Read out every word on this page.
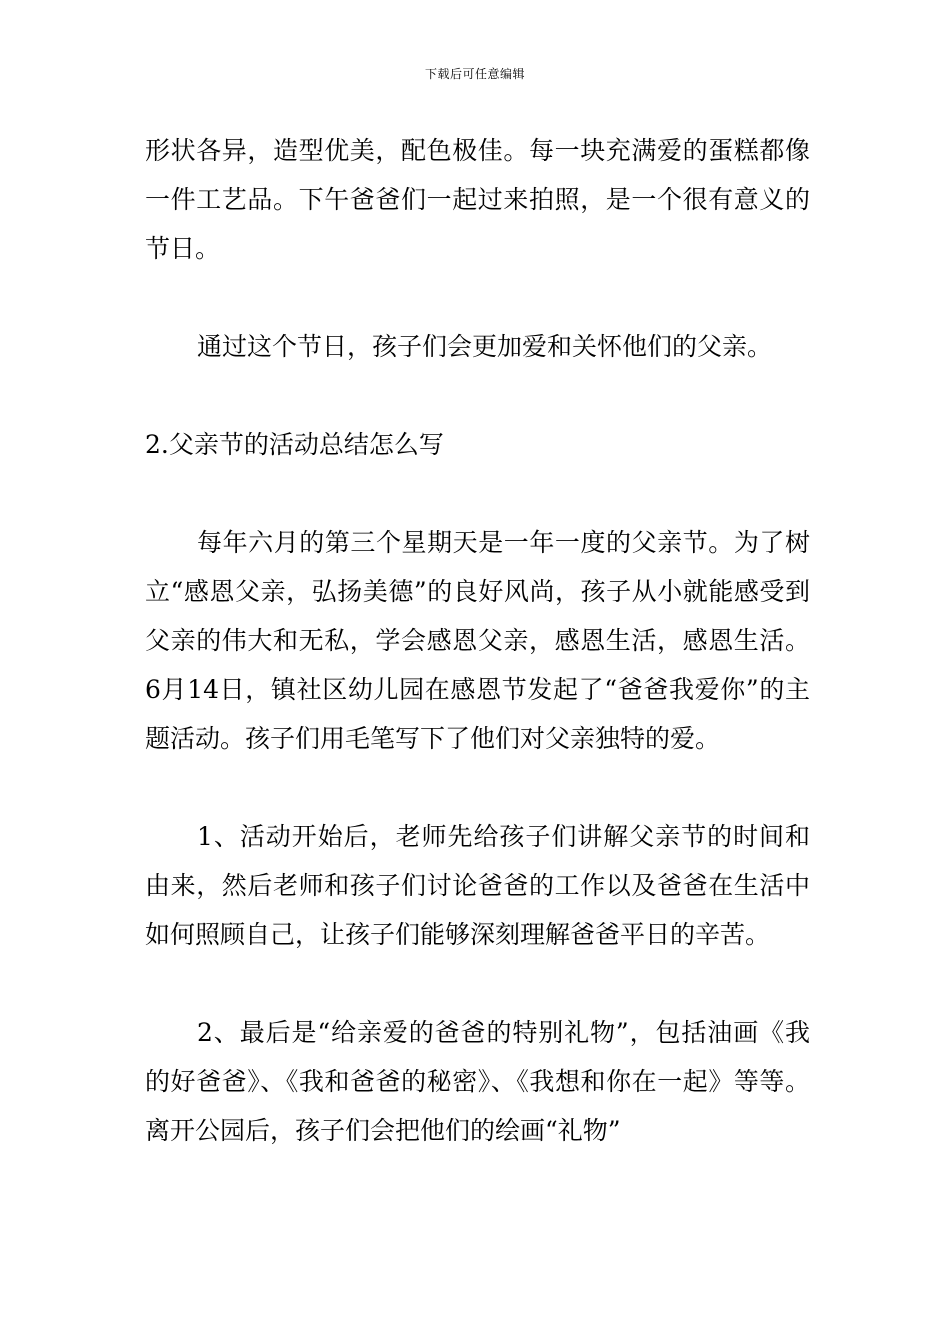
下载后可任意编辑

形状各异，造型优美，配色极佳。每一块充满爱的蛋糕都像一件工艺品。下午爸爸们一起过来拍照，是一个很有意义的节日。

通过这个节日，孩子们会更加爱和关怀他们的父亲。

2.父亲节的活动总结怎么写

每年六月的第三个星期天是一年一度的父亲节。为了树立“感恩父亲，弘扬美德”的良好风尚，孩子从小就能感受到父亲的伟大和无私，学会感恩父亲，感恩生活，感恩生活。6月14日，镇社区幼儿园在感恩节发起了“爸爸我爱你”的主题活动。孩子们用毛笔写下了他们对父亲独特的爱。

1、活动开始后，老师先给孩子们讲解父亲节的时间和由来，然后老师和孩子们讨论爸爸的工作以及爸爸在生活中如何照顾自己，让孩子们能够深刻理解爸爸平日的辛苦。

2、最后是“给亲爱的爸爸的特别礼物”，包括油画《我的好爸爸》、《我和爸爸的秘密》、《我想和你在一起》等等。离开公园后，孩子们会把他们的绘画“礼物”
